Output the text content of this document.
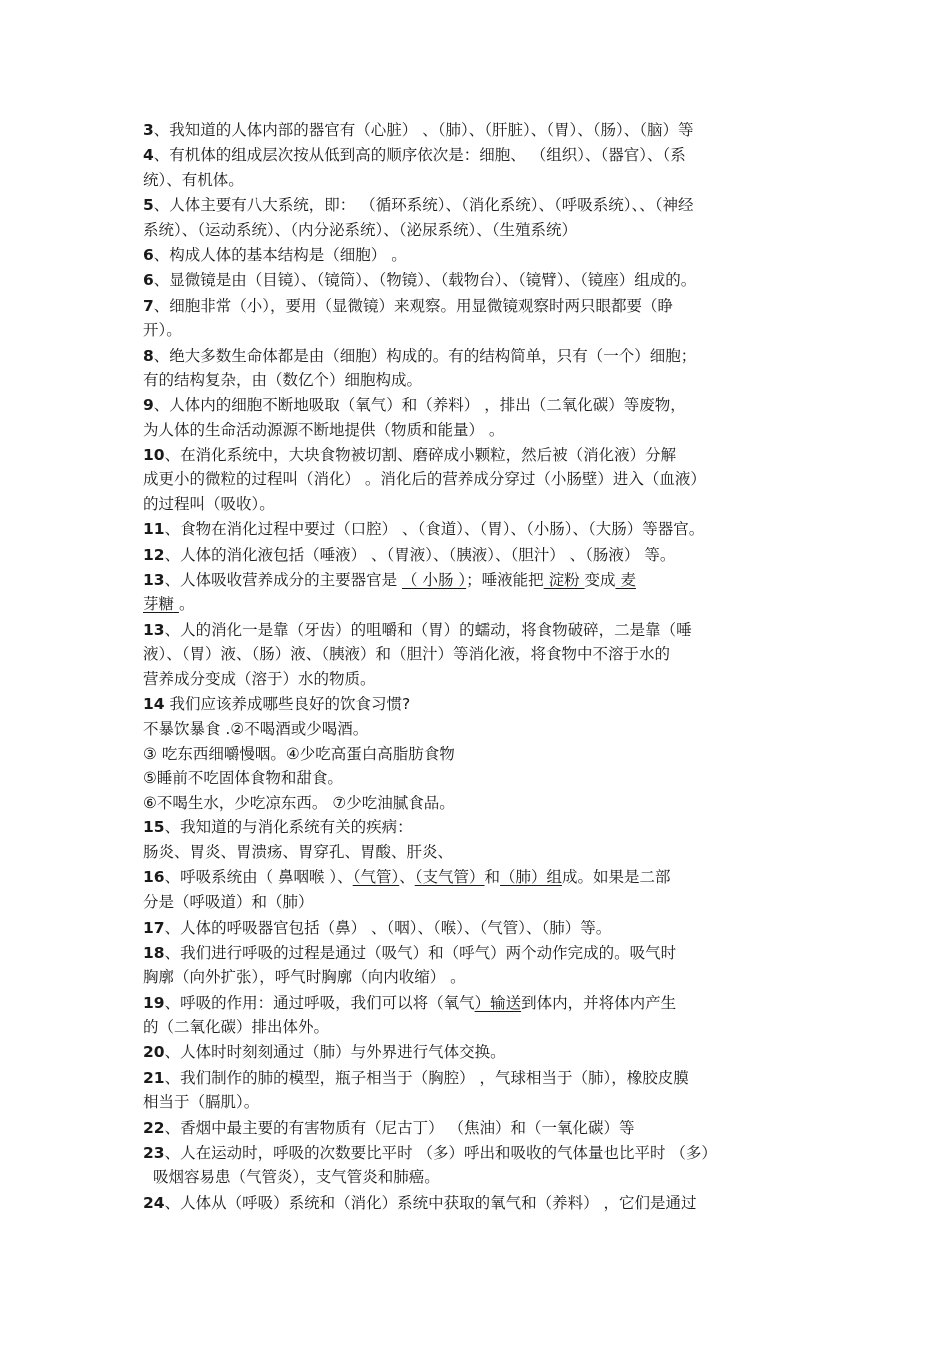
3、我知道的人体内部的器官有（心脏） 、（肺）、（肝脏）、（胃）、（肠）、（脑）等
4、有机体的组成层次按从低到高的顺序依次是：细胞、 （组织）、（器官）、（系
统）、有机体。
5、人体主要有八大系统，即： （循环系统）、（消化系统）、（呼吸系统）、、（神经
系统）、（运动系统）、（内分泌系统）、（泌尿系统）、（生殖系统）
6、构成人体的基本结构是（细胞） 。
6、显微镜是由（目镜）、（镜筒）、（物镜）、（载物台）、（镜臂）、（镜座）组成的。
7、细胞非常（小），要用（显微镜）来观察。用显微镜观察时两只眼都要（睁
开）。
8、绝大多数生命体都是由（细胞）构成的。有的结构简单，只有（一个）细胞；
有的结构复杂，由（数亿个）细胞构成。
9、人体内的细胞不断地吸取（氧气）和（养料） ，排出（二氧化碳）等废物，
为人体的生命活动源源不断地提供（物质和能量） 。
10、在消化系统中，大块食物被切割、磨碎成小颗粒，然后被（消化液）分解
成更小的微粒的过程叫（消化） 。消化后的营养成分穿过（小肠壁）进入（血液）
的过程叫（吸收）。
11、食物在消化过程中要过（口腔） 、（食道）、（胃）、（小肠）、（大肠）等器官。
12、人体的消化液包括（唾液） 、（胃液）、（胰液）、（胆汁） 、（肠液） 等。
13、人体吸收营养成分的主要器官是 （ 小肠 ）；唾液能把 淀粉 变成 麦
芽糖 。
13、人的消化一是靠（牙齿）的咀嚼和（胃）的蠕动，将食物破碎，二是靠（唾
液）、（胃）液、（肠）液、（胰液）和（胆汁）等消化液，将食物中不溶于水的
营养成分变成（溶于）水的物质。
14 我们应该养成哪些良好的饮食习惯?
不暴饮暴食 .②不喝酒或少喝酒。
③ 吃东西细嚼慢咽。④少吃高蛋白高脂肪食物
⑤睡前不吃固体食物和甜食。
⑥不喝生水，少吃凉东西。 ⑦少吃油腻食品。
15、我知道的与消化系统有关的疾病：
肠炎、胃炎、胃溃疡、胃穿孔、胃酸、肝炎、
16、呼吸系统由（ 鼻咽喉 ）、（气管）、（支气管）和（肺）组成。如果是二部
分是（呼吸道）和（肺）
17、人体的呼吸器官包括（鼻） 、（咽）、（喉）、（气管）、（肺）等。
18、我们进行呼吸的过程是通过（吸气）和（呼气）两个动作完成的。吸气时
胸廓（向外扩张），呼气时胸廓（向内收缩） 。
19、呼吸的作用：通过呼吸，我们可以将（氧气）输送到体内，并将体内产生
的（二氧化碳）排出体外。
20、人体时时刻刻通过（肺）与外界进行气体交换。
21、我们制作的肺的模型，瓶子相当于（胸腔） ，气球相当于（肺），橡胶皮膜
相当于（膈肌）。
22、香烟中最主要的有害物质有（尼古丁） （焦油）和（一氧化碳）等
23、人在运动时，呼吸的次数要比平时 （多）呼出和吸收的气体量也比平时 （多）
吸烟容易患（气管炎），支气管炎和肺癌。
24、人体从（呼吸）系统和（消化）系统中获取的氧气和（养料） ，它们是通过
